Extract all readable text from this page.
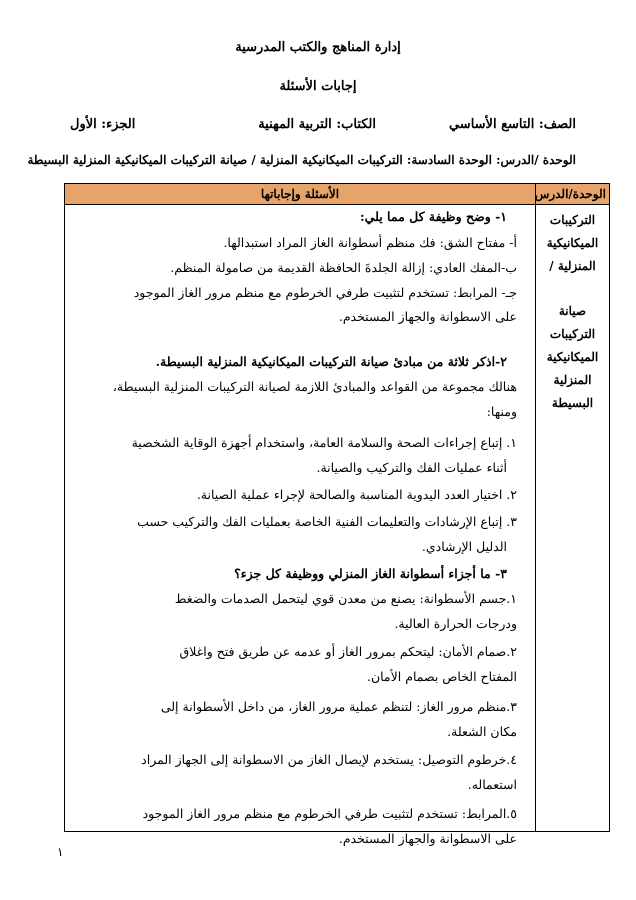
إدارة المناهج والكتب المدرسية
إجابات الأسئلة
الصف: التاسع الأساسي
الكتاب: التربية المهنية
الجزء: الأول
الوحدة /الدرس: الوحدة السادسة: التركيبات الميكانيكية المنزلية / صيانة التركيبات الميكانيكية المنزلية البسيطة
الوحدة/الدرس
الأسئلة وإجاباتها
التركيبات
الميكانيكية
المنزلية /
صيانة التركيبات
الميكانيكية
المنزلية
البسيطة
١- وضح وظيفة كل مما يلي:
أ- مفتاح الشق: فك منظم أسطوانة الغاز المراد استبدالها.
ب-المفك العادي: إزالة الجلدةَ الحافظة القديمة من صامولة المنظم.
جـ- المرابط: تستخدم لتثبيت طرفي الخرطوم مع منظم مرور الغاز الموجود
على الاسطوانة والجهاز المستخدم.
٢-اذكر ثلاثة من مبادئ صيانة التركيبات الميكانيكية المنزلية البسيطة.
هنالك مجموعة من القواعد والمبادئ اللازمة لصيانة التركيبات المنزلية البسيطة،
ومنها:
١. إتباع إجراءات الصحة والسلامة العامة، واستخدام أجهزة الوقاية الشخصية
أثناء عمليات الفك والتركيب والصيانة.
٢. اختيار العدد اليدوية المناسبة والصالحة لإجراء عملية الصيانة.
٣. إتباع الإرشادات والتعليمات الفنية الخاصة بعمليات الفك والتركيب حسب
الدليل الإرشادي.
٣- ما أجزاء أسطوانة الغاز المنزلي ووظيفة كل جزء؟
١.جسم الأسطوانة: يصنع من معدن قوي ليتحمل الصدمات والضغط
ودرجات الحرارة العالية.
٢.صمام الأمان: ليتحكم بمرور الغاز أو عدمه عن طريق فتح واغلاق
المفتاح الخاص بصمام الأمان.
٣.منظم مرور الغاز: لتنظم عملية مرور الغاز، من داخل الأسطوانة إلى
مكان الشعلة.
٤.خرطوم التوصيل: يستخدم لإيصال الغاز من الاسطوانة إلى الجهاز المراد
استعماله.
٥.المرابط: تستخدم لتثبيت طرفي الخرطوم مع منظم مرور الغاز الموجود
على الاسطوانة والجهاز المستخدم.
١
